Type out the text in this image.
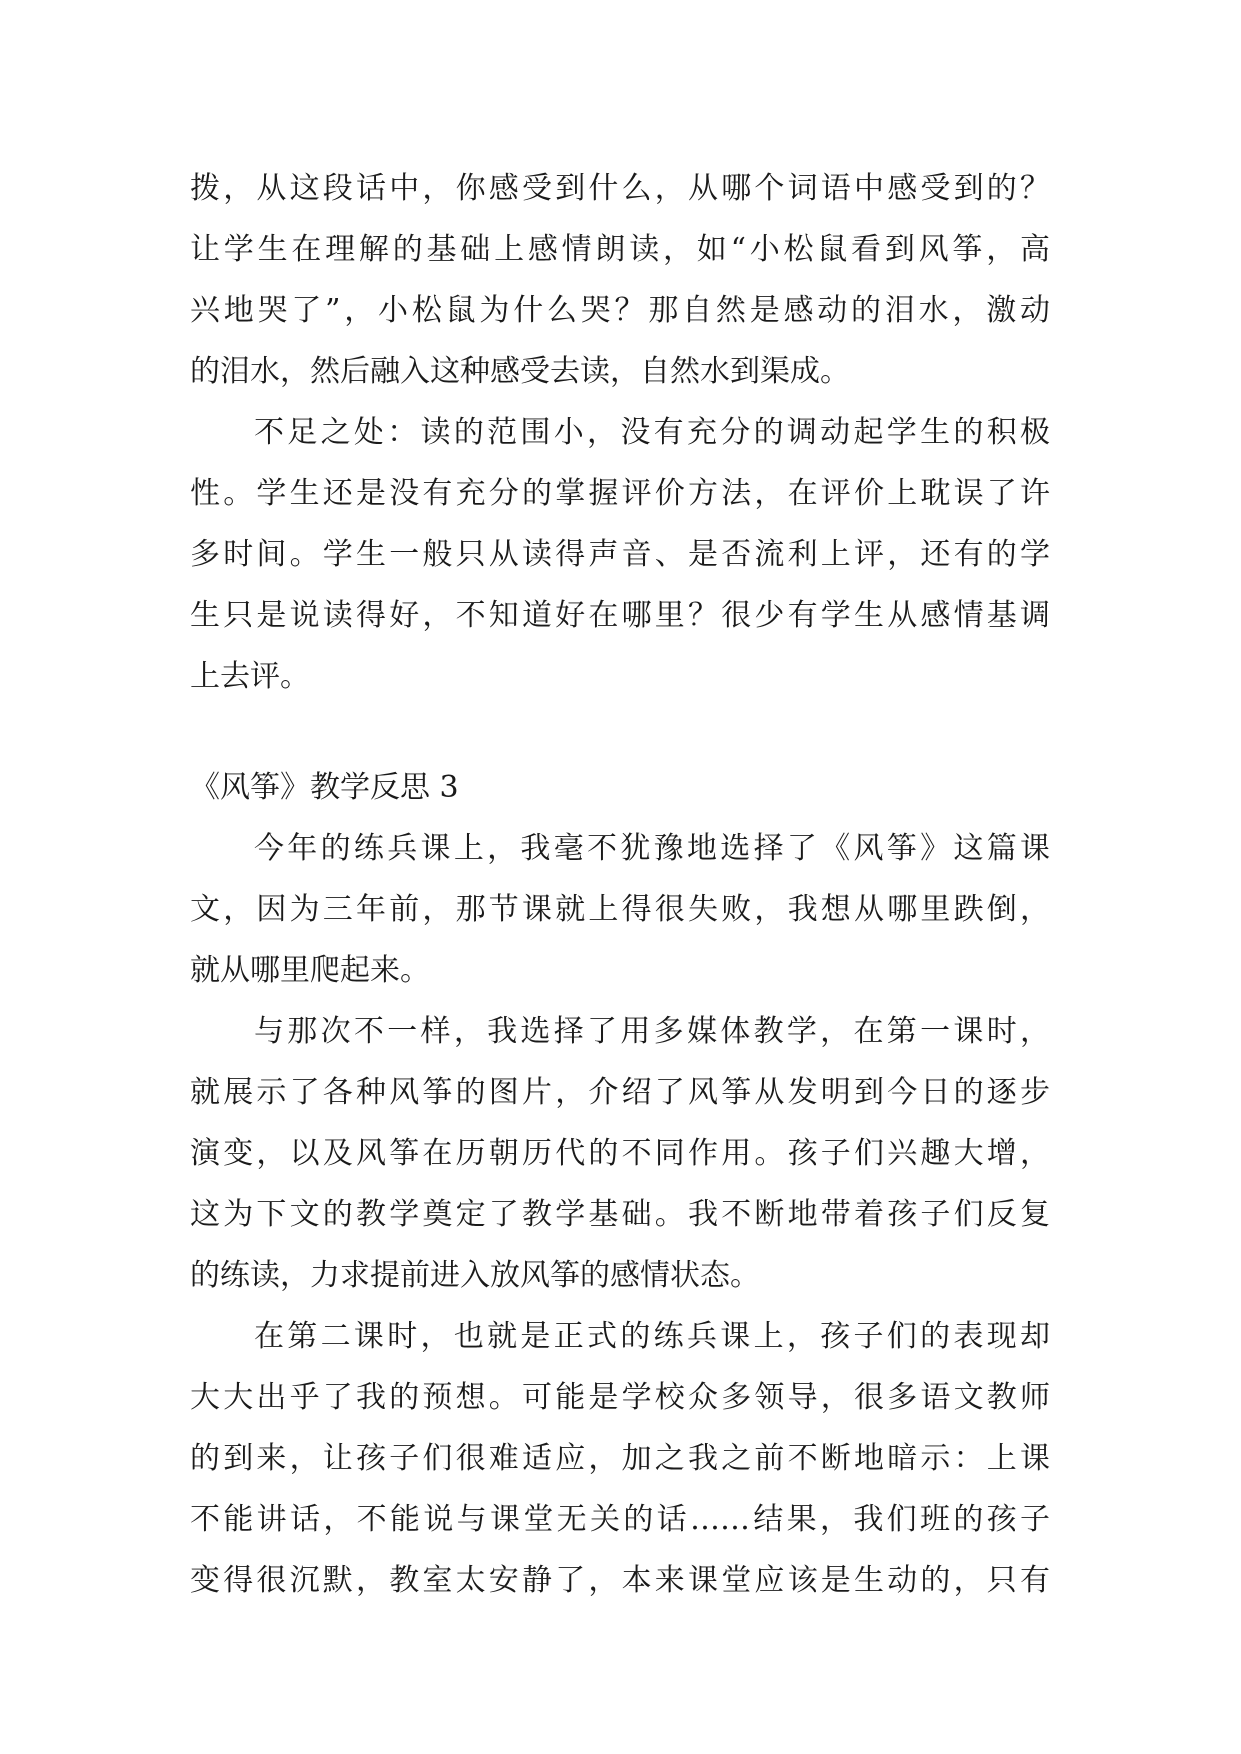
拨，从这段话中，你感受到什么，从哪个词语中感受到的？
让学生在理解的基础上感情朗读，如“小松鼠看到风筝，高
兴地哭了”，小松鼠为什么哭？那自然是感动的泪水，激动
的泪水，然后融入这种感受去读，自然水到渠成。
不足之处：读的范围小，没有充分的调动起学生的积极
性。学生还是没有充分的掌握评价方法，在评价上耽误了许
多时间。学生一般只从读得声音、是否流利上评，还有的学
生只是说读得好，不知道好在哪里？很少有学生从感情基调
上去评。
《风筝》教学反思 3
今年的练兵课上，我毫不犹豫地选择了《风筝》这篇课
文，因为三年前，那节课就上得很失败，我想从哪里跌倒，
就从哪里爬起来。
与那次不一样，我选择了用多媒体教学，在第一课时，
就展示了各种风筝的图片，介绍了风筝从发明到今日的逐步
演变，以及风筝在历朝历代的不同作用。孩子们兴趣大增，
这为下文的教学奠定了教学基础。我不断地带着孩子们反复
的练读，力求提前进入放风筝的感情状态。
在第二课时，也就是正式的练兵课上，孩子们的表现却
大大出乎了我的预想。可能是学校众多领导，很多语文教师
的到来，让孩子们很难适应，加之我之前不断地暗示：上课
不能讲话，不能说与课堂无关的话……结果，我们班的孩子
变得很沉默，教室太安静了，本来课堂应该是生动的，只有
